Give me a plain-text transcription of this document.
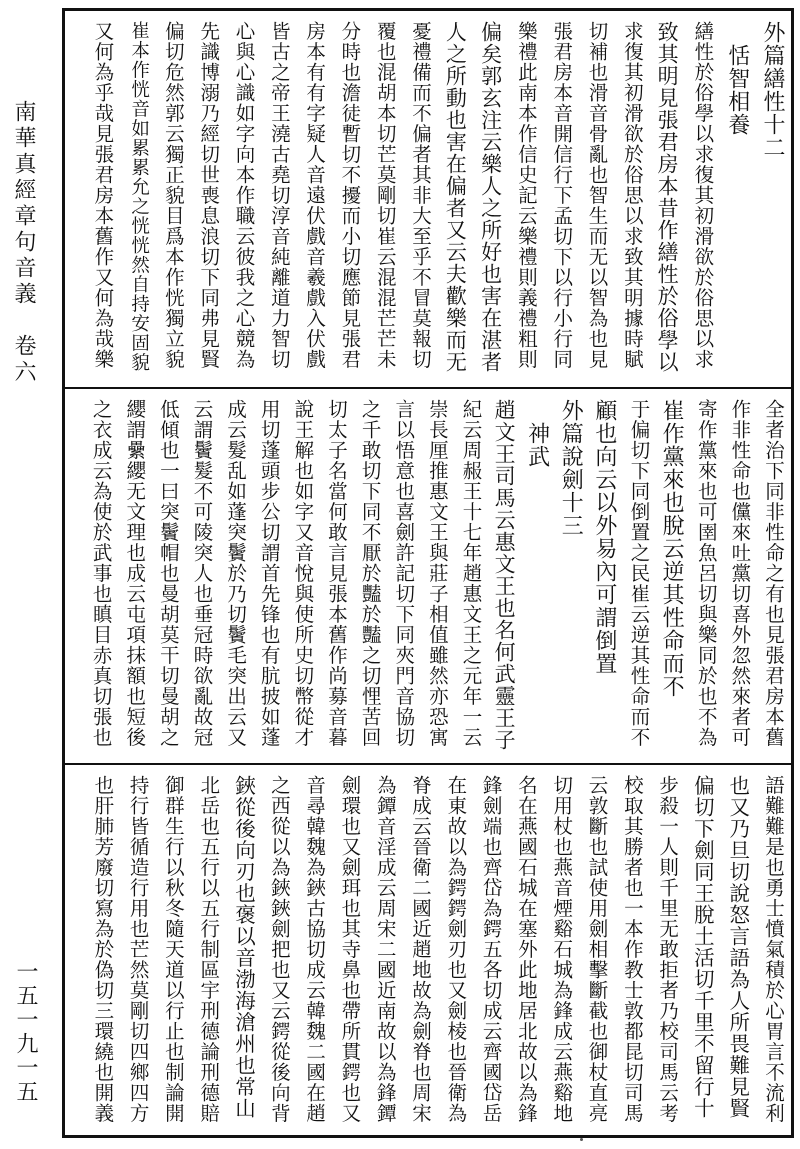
南華真經章句音義　卷六
一五一九一五
外篇繕性十二
　恬智相養
繕性於俗學以求復其初滑欲於俗思以求
致其明見張君房本昔作繕性於俗學以
求復其初滑欲於俗思以求致其明據時賦
切補也滑音骨亂也智生而无以智為也見
張君房本音開信行下孟切下以行小行同
樂禮此南本作信史記云樂禮則義禮粗則
偏矣郭玄注云樂人之所好也害在湛者
人之所動也害在偏者又云夫歡樂而无
憂禮備而不偏者其非大至乎不冒莫報切
覆也混胡本切芒莫剛切崔云混混芒芒未
分時也澹徒暫切不擾而小切應節見張君
房本有有字疑人音遠伏戲音羲戲入伏戲
皆古之帝王澆古堯切淳音純離道力智切
心與心識如字向本作職云彼我之心競為
先識博溺乃經切世喪息浪切下同弗見賢
偏切危然郭云獨正貌目爲本作恍獨立貌
崔本作恍音如累累允之恍恍然自持安固貌
又何為乎哉見張君房本舊作又何為哉樂
全者治下同非性命之有也見張君房本舊
作非性命也儻來吐黨切喜外忽然來者可
寄作黨來也可圉魚呂切與樂同於也不為
崔作黨來也脫云逆其性命而不
于偏切下同倒置之民崔云逆其性命而不
顧也向云以外易內可謂倒置
外篇說劍十三
　神武
趙文王司馬云惠文王也名何武靈王子
紀云周赧王十七年趙惠文王之元年一云
崇長厘推惠文王與莊子相值雖然亦恐寓
言以悟意也喜劍許記切下同夾門音協切
之千敢切下同不厭於豔於豔之切悝苦回
切太子名當何敢言見張本舊作尚募音暮
說王解也如字又音悅與使所史切幣從才
用切蓬頭步公切謂首先锋也有肮披如蓬
成云髮乱如蓬突鬢於乃切鬢毛突出云又
云謂鬢髮不可陵突人也垂冠時欲亂故冠
低傾也一曰突鬢帽也曼胡莫干切曼胡之
纓謂纍纓无文理也成云屯項抹額也短後
之衣成云為使於武事也瞋目赤真切張也
語難難是也勇士憤氣積於心胃言不流利
也又乃旦切說怒言語為人所畏難見賢
偏切下劍同王脫土活切千里不留行十
步殺一人則千里无敢拒者乃校司馬云考
校取其勝者也一本作教士敦都昆切司馬
云敦斷也試使用劍相擊斷截也御杖直亮
切用杖也燕音煙谿石城為鋒成云燕谿地
名在燕國石城在塞外此地居北故以為鋒
鋒劍端也齊岱為鍔五各切成云齊國岱岳
在東故以為鍔鍔劍刃也又劍棱也晉衛為
脊成云晉衛二國近趙地故為劍脊也周宋
為鐔音淫成云周宋二國近南故以為鋒鐔
劍環也又劍珥也其寺鼻也帶所貫鍔也又
音尋韓魏為鋏古協切成云韓魏二國在趙
之西從以為鋏鋏劍把也又云鍔從後向背
鋏從後向刃也褒以音渤海滄州也常山
北岳也五行以五行制區宇刑德論刑德賠
御群生行以秋冬隨天道以行止也制論開
持行皆循造行用也芒然莫剛切四鄉四方
也肝肺芳廢切寫為於偽切三環繞也開義
